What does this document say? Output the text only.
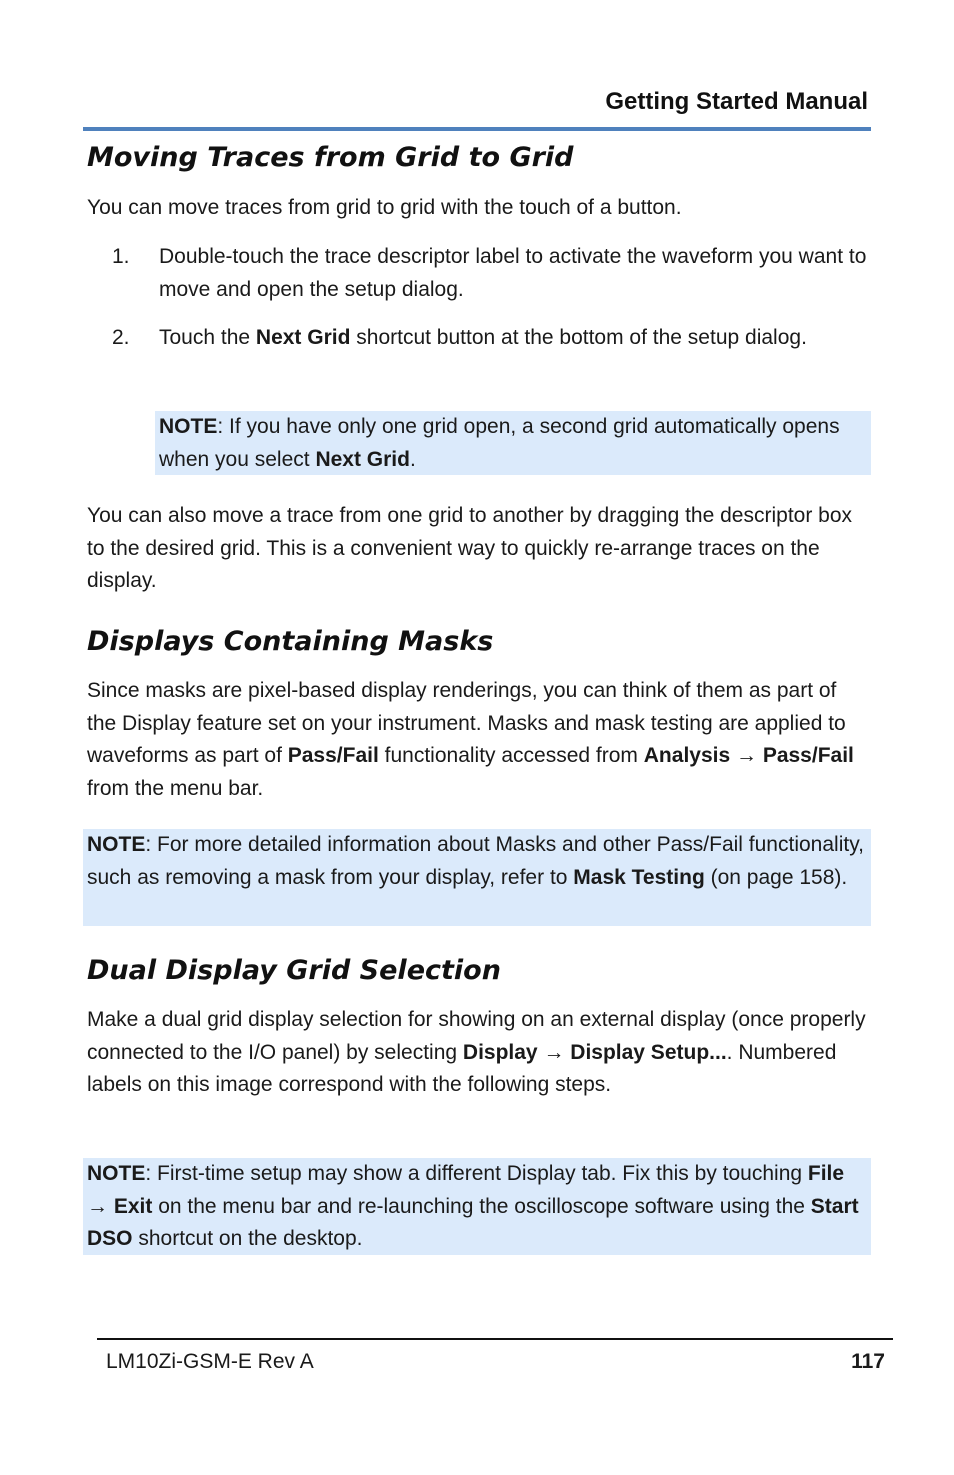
Getting Started Manual
Moving Traces from Grid to Grid

You can move traces from grid to grid with the touch of a button.

1. Double-touch the trace descriptor label to activate the waveform you want to move and open the setup dialog.
2. Touch the Next Grid shortcut button at the bottom of the setup dialog.
NOTE: If you have only one grid open, a second grid automatically opens when you select Next Grid.

You can also move a trace from one grid to another by dragging the descriptor box to the desired grid. This is a convenient way to quickly re-arrange traces on the display.

Displays Containing Masks

Since masks are pixel-based display renderings, you can think of them as part of the Display feature set on your instrument. Masks and mask testing are applied to waveforms as part of Pass/Fail functionality accessed from Analysis → Pass/Fail from the menu bar.

NOTE: For more detailed information about Masks and other Pass/Fail functionality, such as removing a mask from your display, refer to Mask Testing (on page 158).
Dual Display Grid Selection

Make a dual grid display selection for showing on an external display (once properly connected to the I/O panel) by selecting Display → Display Setup.... Numbered labels on this image correspond with the following steps.

NOTE: First-time setup may show a different Display tab. Fix this by touching File → Exit on the menu bar and re-launching the oscilloscope software using the Start DSO shortcut on the desktop.
LM10Zi-GSM-E Rev A	117
